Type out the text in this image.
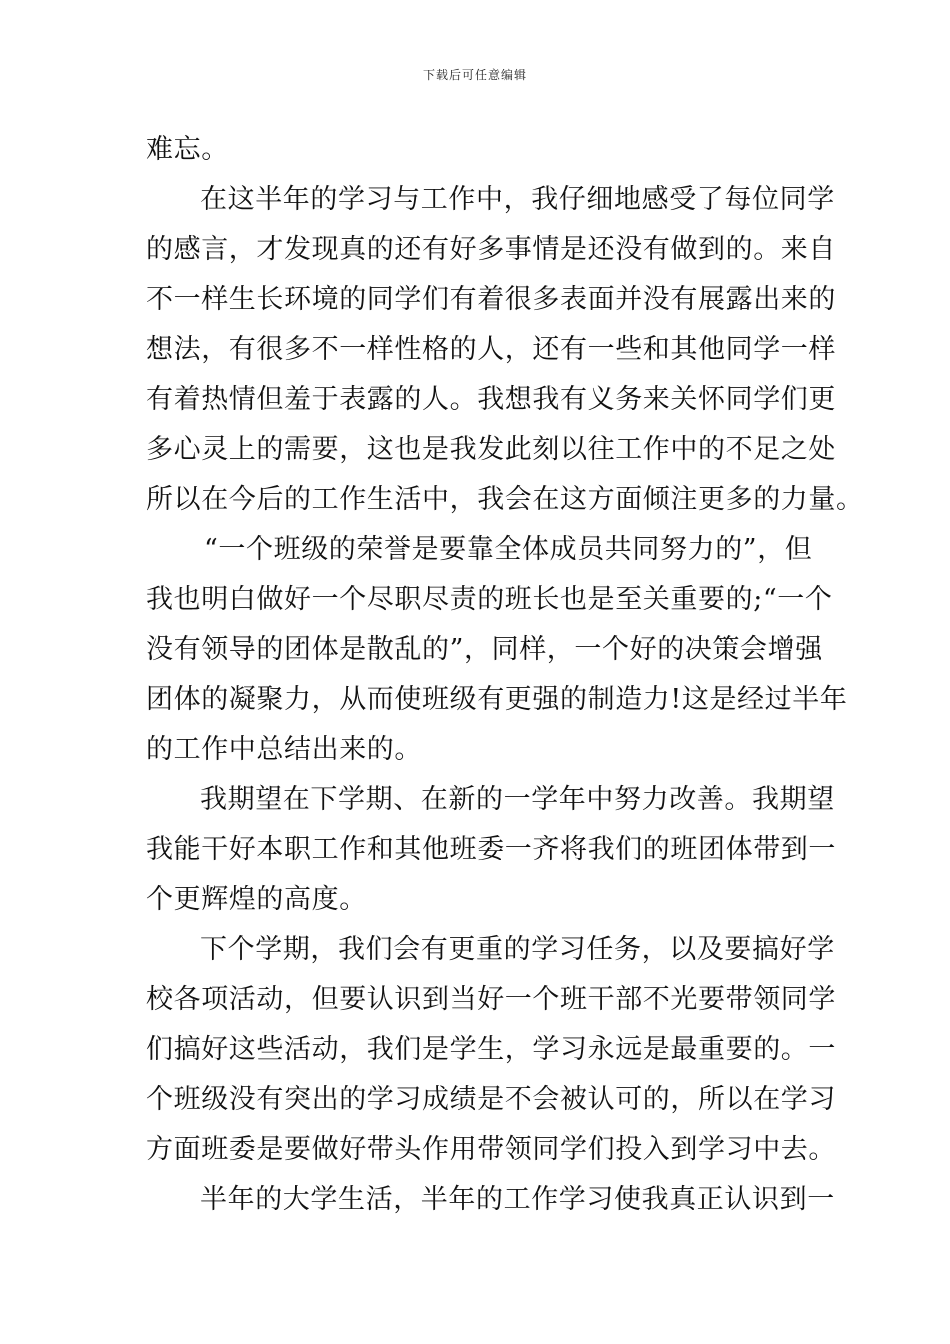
下载后可任意编辑
难忘。
在这半年的学习与工作中，我仔细地感受了每位同学
的感言，才发现真的还有好多事情是还没有做到的。来自
不一样生长环境的同学们有着很多表面并没有展露出来的
想法，有很多不一样性格的人，还有一些和其他同学一样
有着热情但羞于表露的人。我想我有义务来关怀同学们更
多心灵上的需要，这也是我发此刻以往工作中的不足之处
所以在今后的工作生活中，我会在这方面倾注更多的力量。
“一个班级的荣誉是要靠全体成员共同努力的”，但
我也明白做好一个尽职尽责的班长也是至关重要的;“一个
没有领导的团体是散乱的”，同样，一个好的决策会增强
团体的凝聚力，从而使班级有更强的制造力!这是经过半年
的工作中总结出来的。
我期望在下学期、在新的一学年中努力改善。我期望
我能干好本职工作和其他班委一齐将我们的班团体带到一
个更辉煌的高度。
下个学期，我们会有更重的学习任务，以及要搞好学
校各项活动，但要认识到当好一个班干部不光要带领同学
们搞好这些活动，我们是学生，学习永远是最重要的。一
个班级没有突出的学习成绩是不会被认可的，所以在学习
方面班委是要做好带头作用带领同学们投入到学习中去。
半年的大学生活，半年的工作学习使我真正认识到一
